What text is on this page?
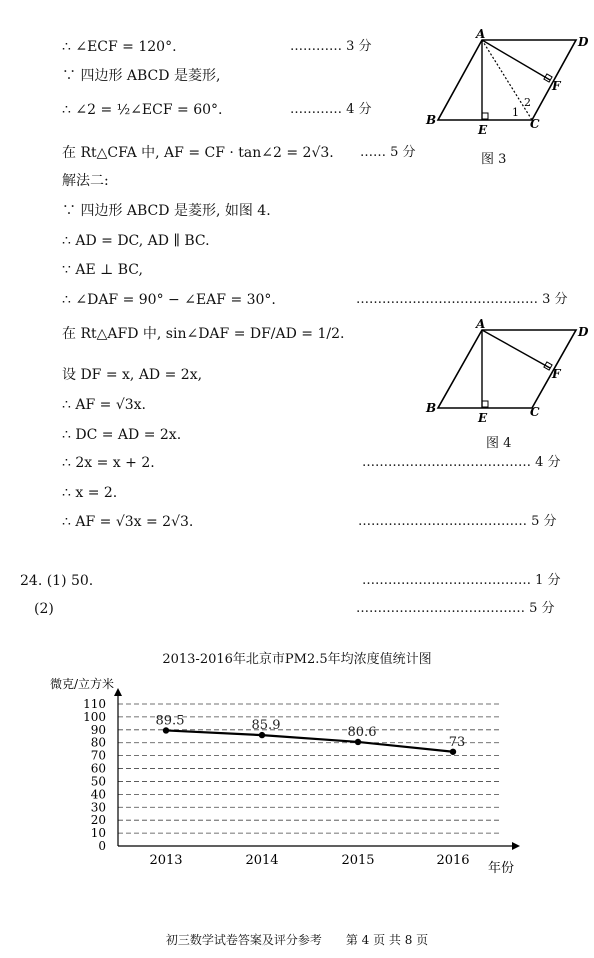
∴ ∠ECF = 120°.	………… 3 分
∵ 四边形 ABCD 是菱形,
∴ ∠2 = ½∠ECF = 60°.	………… 4 分
在 Rt△CFA 中, AF = CF · tan∠2 = 2√3. …… 5 分
解法二:
∵ 四边形 ABCD 是菱形, 如图 4.
∴ AD = DC, AD ∥ BC.
∵ AE ⊥ BC,
∴ ∠DAF = 90° − ∠EAF = 30°.	…………………………………… 3 分
在 Rt△AFD 中, sin∠DAF = DF/AD = 1/2.
设 DF = x, AD = 2x,
∴ AF = √3x.
∴ DC = AD = 2x.
∴ 2x = x + 2.	………………………………… 4 分
∴ x = 2.
∴ AF = √3x = 2√3.	………………………………… 5 分
24. (1) 50.	………………………………… 1 分
(2)	………………………………… 5 分
A
D
B
E	C
F
1
2
图 3
A
D
B
E	C
F
图 4
2013-2016年北京市PM2.5年均浓度值统计图
微克/立方米
年份
0
10
20
30
40
50
60
70
80
90
100
110
2013	2014	2015	2016
89.5	85.9	80.6
73
初三数学试卷答案及评分参考　　第 4 页 共 8 页
